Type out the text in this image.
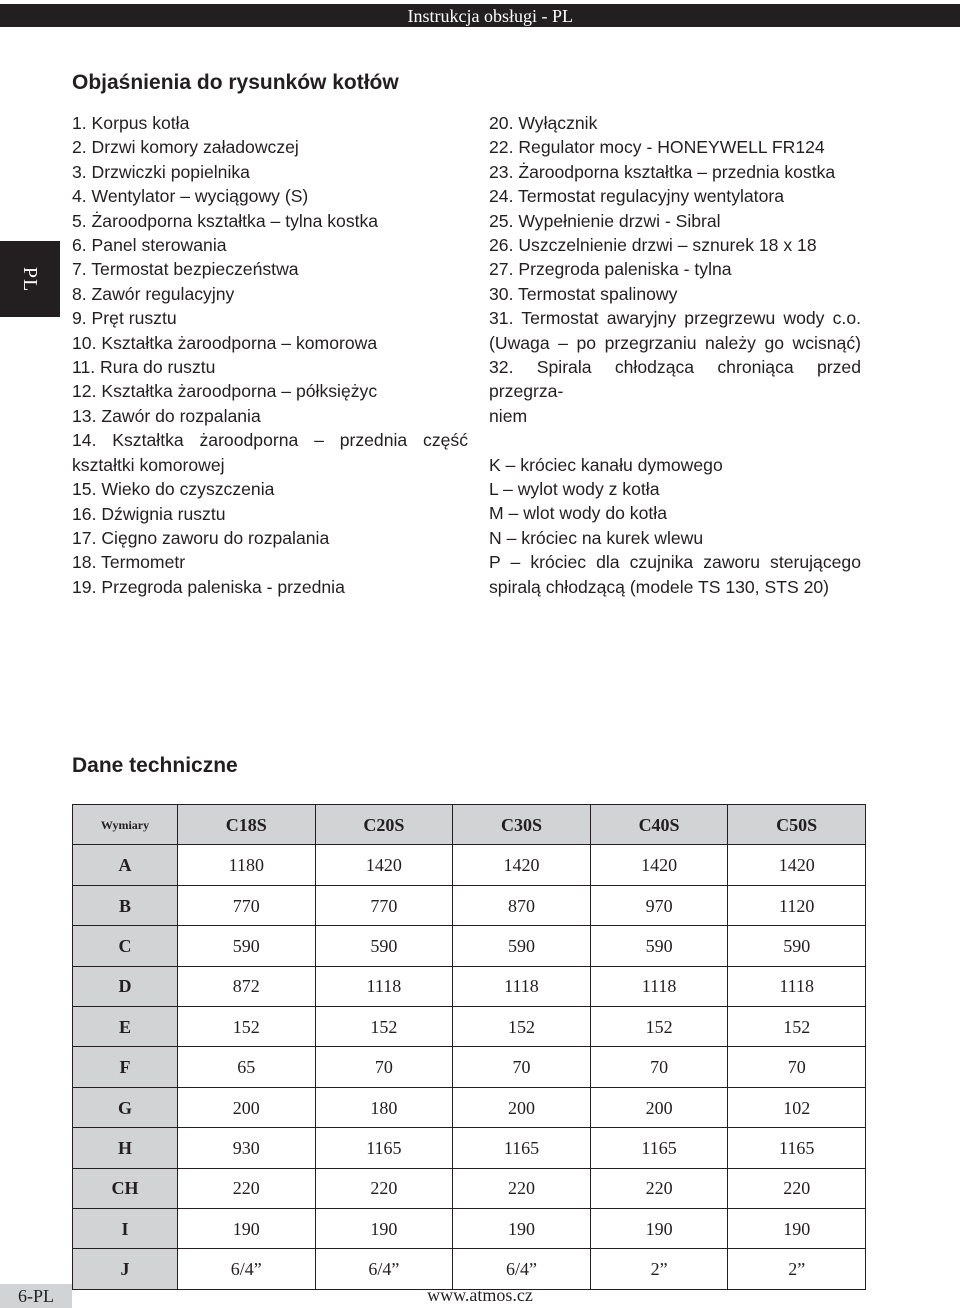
Instrukcja obsługi - PL
PL
Objaśnienia do rysunków kotłów
1. Korpus kotła
2. Drzwi komory załadowczej
3. Drzwiczki popielnika
4. Wentylator – wyciągowy (S)
5. Żaroodporna kształtka – tylna kostka
6. Panel sterowania
7. Termostat bezpieczeństwa
8. Zawór regulacyjny
9. Pręt rusztu
10. Kształtka żaroodporna – komorowa
11. Rura do rusztu
12. Kształtka żaroodporna – półksiężyc
13. Zawór do rozpalania
14. Kształtka żaroodporna – przednia część
kształtki komorowej
15. Wieko do czyszczenia
16. Dźwignia rusztu
17. Cięgno zaworu do rozpalania
18. Termometr
19. Przegroda paleniska - przednia
20. Wyłącznik
22. Regulator mocy - HONEYWELL FR124
23. Żaroodporna kształtka – przednia kostka
24. Termostat regulacyjny wentylatora
25. Wypełnienie drzwi - Sibral
26. Uszczelnienie drzwi – sznurek 18 x 18
27. Przegroda paleniska - tylna
30. Termostat spalinowy
31. Termostat awaryjny przegrzewu wody c.o.
(Uwaga – po przegrzaniu należy go wcisnąć)
32. Spirala chłodząca chroniąca przed przegrza-
niem
K – króciec kanału dymowego
L – wylot wody z kotła
M – wlot wody do kotła
N – króciec na kurek wlewu
P – króciec dla czujnika zaworu sterującego
spiralą chłodzącą (modele TS 130, STS 20)
Dane techniczne
Wymiary	C18S	C20S	C30S	C40S	C50S
A	1180	1420	1420	1420	1420
B	770	770	870	970	1120
C	590	590	590	590	590
D	872	1118	1118	1118	1118
E	152	152	152	152	152
F	65	70	70	70	70
G	200	180	200	200	102
H	930	1165	1165	1165	1165
CH	220	220	220	220	220
I	190	190	190	190	190
J	6/4”	6/4”	6/4”	2”	2”
6-PL	www.atmos.cz
